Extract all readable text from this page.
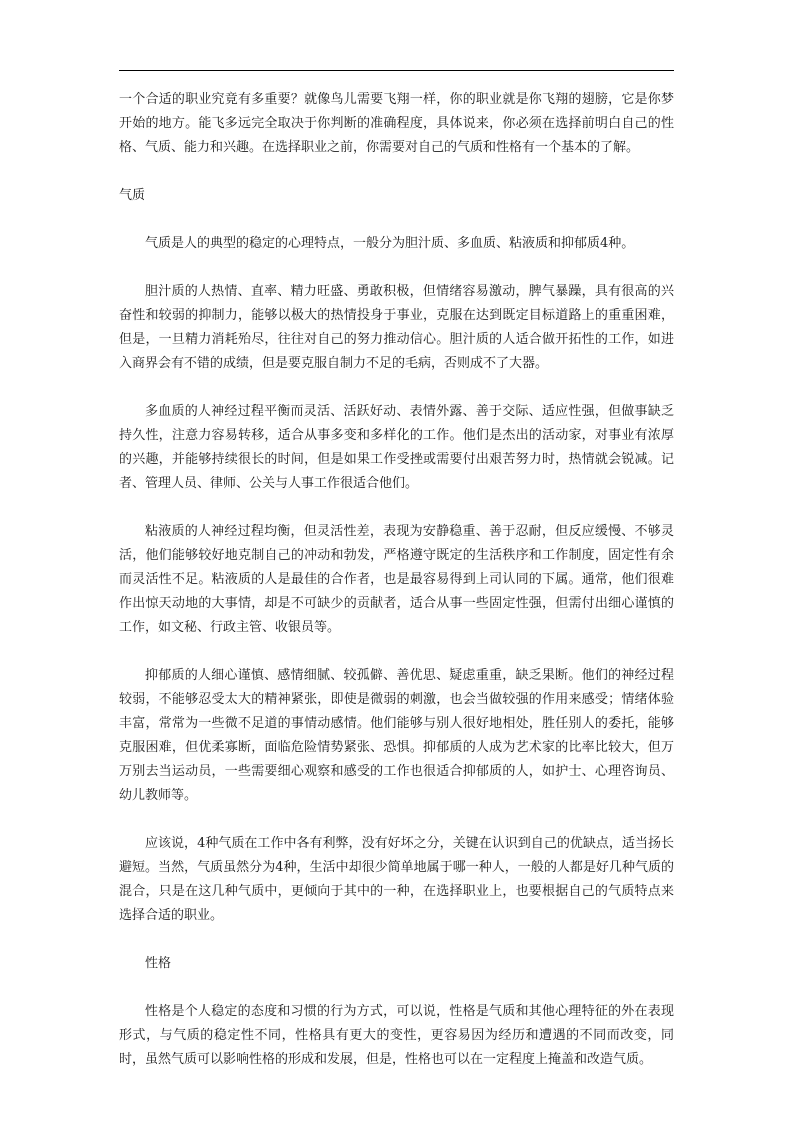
一个合适的职业究竟有多重要？就像鸟儿需要飞翔一样，你的职业就是你飞翔的翅膀，它是你梦开始的地方。能飞多远完全取决于你判断的准确程度，具体说来，你必须在选择前明白自己的性格、气质、能力和兴趣。在选择职业之前，你需要对自己的气质和性格有一个基本的了解。

气质

气质是人的典型的稳定的心理特点，一般分为胆汁质、多血质、粘液质和抑郁质4种。

胆汁质的人热情、直率、精力旺盛、勇敢积极，但情绪容易激动，脾气暴躁，具有很高的兴奋性和较弱的抑制力，能够以极大的热情投身于事业，克服在达到既定目标道路上的重重困难，但是，一旦精力消耗殆尽，往往对自己的努力推动信心。胆汁质的人适合做开拓性的工作，如进入商界会有不错的成绩，但是要克服自制力不足的毛病，否则成不了大器。

多血质的人神经过程平衡而灵活、活跃好动、表情外露、善于交际、适应性强，但做事缺乏持久性，注意力容易转移，适合从事多变和多样化的工作。他们是杰出的活动家，对事业有浓厚的兴趣，并能够持续很长的时间，但是如果工作受挫或需要付出艰苦努力时，热情就会锐减。记者、管理人员、律师、公关与人事工作很适合他们。

粘液质的人神经过程均衡，但灵活性差，表现为安静稳重、善于忍耐，但反应缓慢、不够灵活，他们能够较好地克制自己的冲动和勃发，严格遵守既定的生活秩序和工作制度，固定性有余而灵活性不足。粘液质的人是最佳的合作者，也是最容易得到上司认同的下属。通常，他们很难作出惊天动地的大事情，却是不可缺少的贡献者，适合从事一些固定性强，但需付出细心谨慎的工作，如文秘、行政主管、收银员等。

抑郁质的人细心谨慎、感情细腻、较孤僻、善优思、疑虑重重，缺乏果断。他们的神经过程较弱，不能够忍受太大的精神紧张，即使是微弱的刺激，也会当做较强的作用来感受；情绪体验丰富，常常为一些微不足道的事情动感情。他们能够与别人很好地相处，胜任别人的委托，能够克服困难，但优柔寡断，面临危险情势紧张、恐惧。抑郁质的人成为艺术家的比率比较大，但万万别去当运动员，一些需要细心观察和感受的工作也很适合抑郁质的人，如护士、心理咨询员、幼儿教师等。

应该说，4种气质在工作中各有利弊，没有好坏之分，关键在认识到自己的优缺点，适当扬长避短。当然，气质虽然分为4种，生活中却很少简单地属于哪一种人，一般的人都是好几种气质的混合，只是在这几种气质中，更倾向于其中的一种，在选择职业上，也要根据自己的气质特点来选择合适的职业。

性格

性格是个人稳定的态度和习惯的行为方式，可以说，性格是气质和其他心理特征的外在表现形式，与气质的稳定性不同，性格具有更大的变性，更容易因为经历和遭遇的不同而改变，同时，虽然气质可以影响性格的形成和发展，但是，性格也可以在一定程度上掩盖和改造气质。
